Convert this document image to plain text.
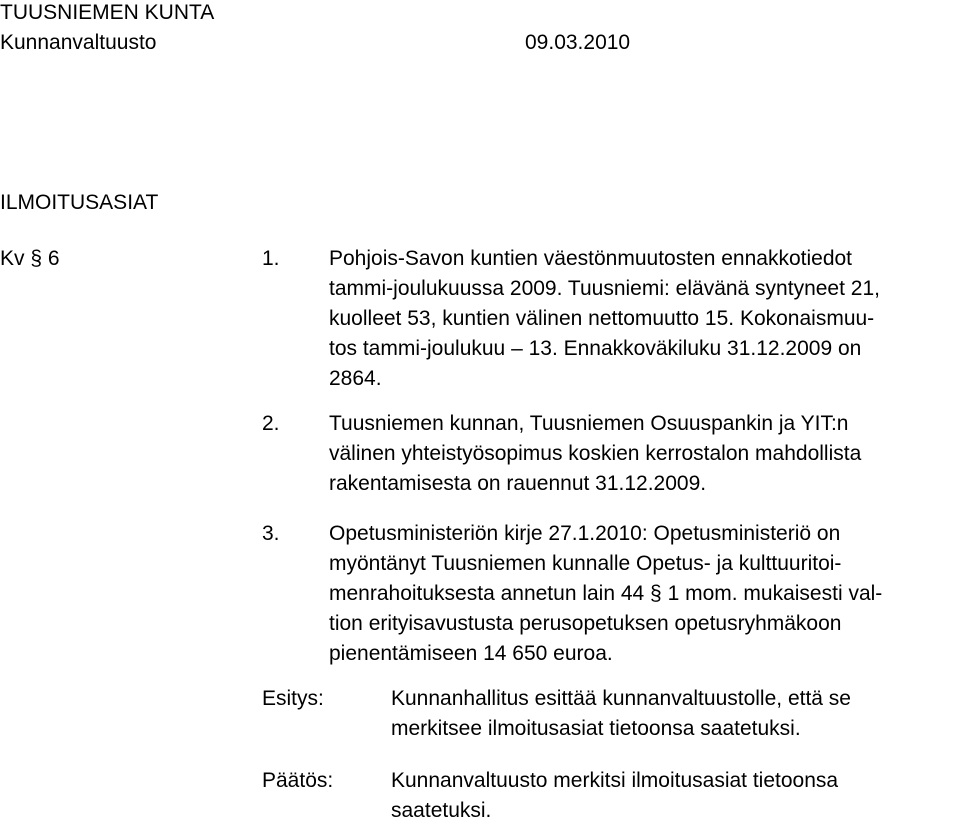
TUUSNIEMEN KUNTA
Kunnanvaltuusto	09.03.2010
ILMOITUSASIAT
Kv § 6	1. Pohjois-Savon kuntien väestönmuutosten ennakkotiedot
tammi-joulukuussa 2009. Tuusniemi: elävänä syntyneet 21,
kuolleet 53, kuntien välinen nettomuutto 15. Kokonaismuu-
tos tammi-joulukuu – 13. Ennakkoväkiluku 31.12.2009 on
2864.
2. Tuusniemen kunnan, Tuusniemen Osuuspankin ja YIT:n
välinen yhteistyösopimus koskien kerrostalon mahdollista
rakentamisesta on rauennut 31.12.2009.
3. Opetusministeriön kirje 27.1.2010: Opetusministeriö on
myöntänyt Tuusniemen kunnalle Opetus- ja kulttuuritoi-
menrahoituksesta annetun lain 44 § 1 mom. mukaisesti val-
tion erityisavustusta perusopetuksen opetusryhmäkoon
pienentämiseen 14 650 euroa.
Esitys:	Kunnanhallitus esittää kunnanvaltuustolle, että se
merkitsee ilmoitusasiat tietoonsa saatetuksi.
Päätös:	Kunnanvaltuusto merkitsi ilmoitusasiat tietoonsa
saatetuksi.
